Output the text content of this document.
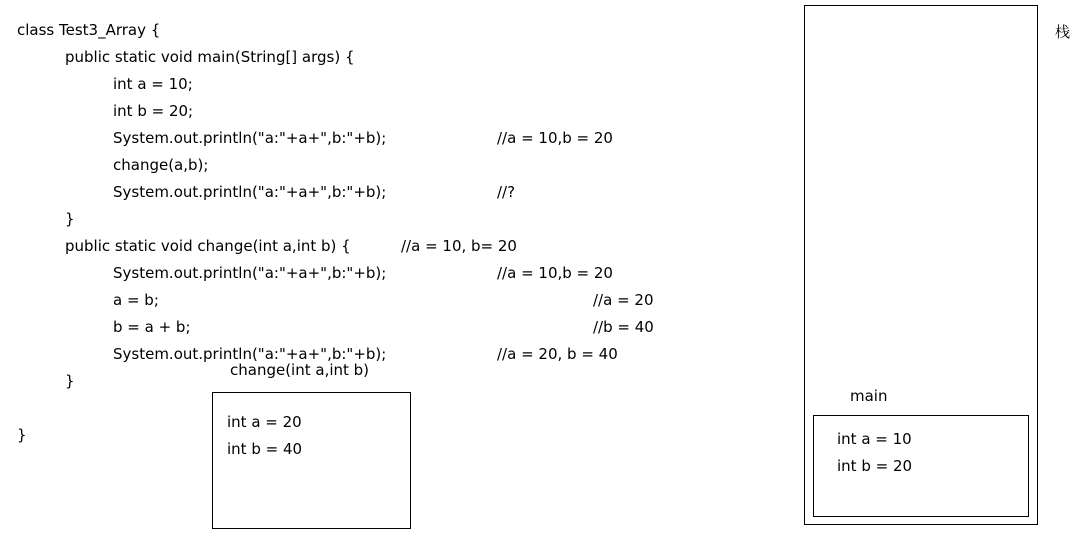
class Test3_Array {
public static void main(String[] args) {
int a = 10;
int b = 20;
System.out.println("a:"+a+",b:"+b);
change(a,b);
System.out.println("a:"+a+",b:"+b);
}
public static void change(int a,int b) {
System.out.println("a:"+a+",b:"+b);
a = b;
b = a + b;
System.out.println("a:"+a+",b:"+b);
}
}
//a = 10,b = 20
//?
//a = 10, b= 20
//a = 10,b = 20
//a = 20
//b = 40
//a = 20, b = 40
change(int a,int b)
int a = 20
int b = 40
main
int a = 10
int b = 20
栈
